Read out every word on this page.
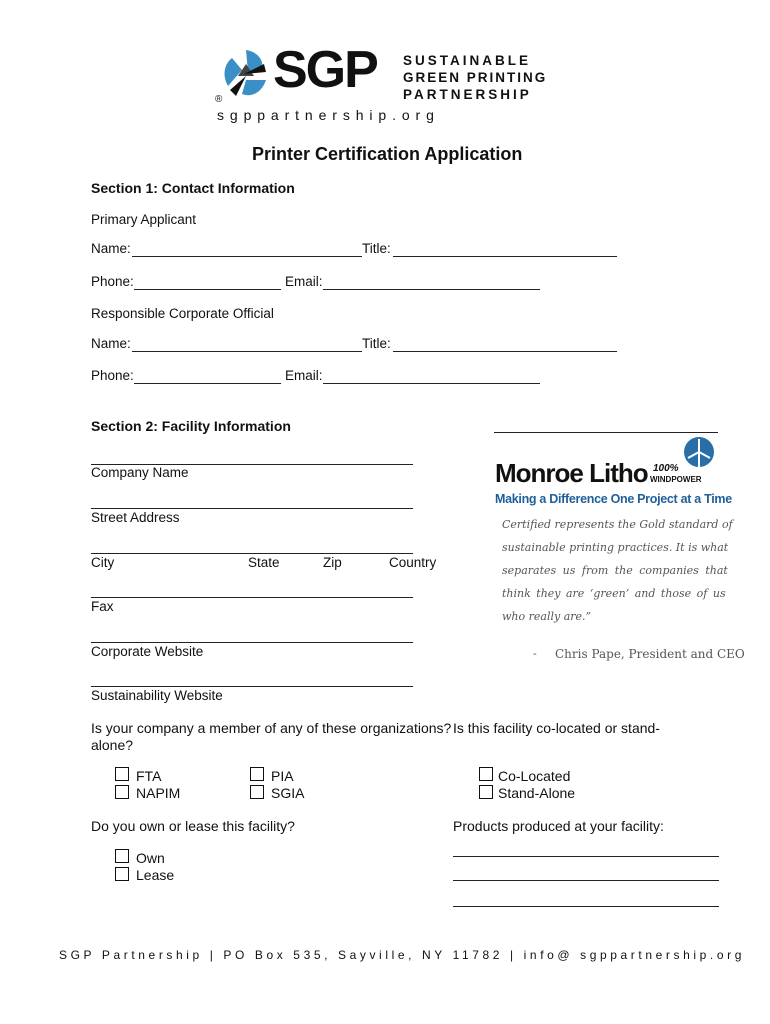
®
SGP SUSTAINABLE
GREEN PRINTING
PARTNERSHIP
s g p p a r t n e r s h i p . o r g
Printer Certification Application
Section 1: Contact Information
Primary Applicant
Name:	Title:
Phone:	Email:
Responsible Corporate Official
Name:	Title:
Phone:	Email:
Section 2: Facility Information
Company Name
Street Address
City	State	Zip	Country
Fax
Corporate Website
Sustainability Website
Monroe Litho 100%
WINDPOWER
Making a Difference One Project at a Time
Certified represents the Gold standard of
sustainable printing practices. It is what
separates us from the companies that
think they are ‘green’ and those of us
who really are.”
- Chris Pape, President and CEO
Is your company a member of any of these organizations? Is this facility co-located or stand-
alone?
FTA
NAPIM
PIA
SGIA
Co-Located
Stand-Alone
Do you own or lease this facility?	Products produced at your facility:
Own
Lease
SGP Partnership | PO Box 535, Sayville, NY 11782 | info@ sgppartnership.org
